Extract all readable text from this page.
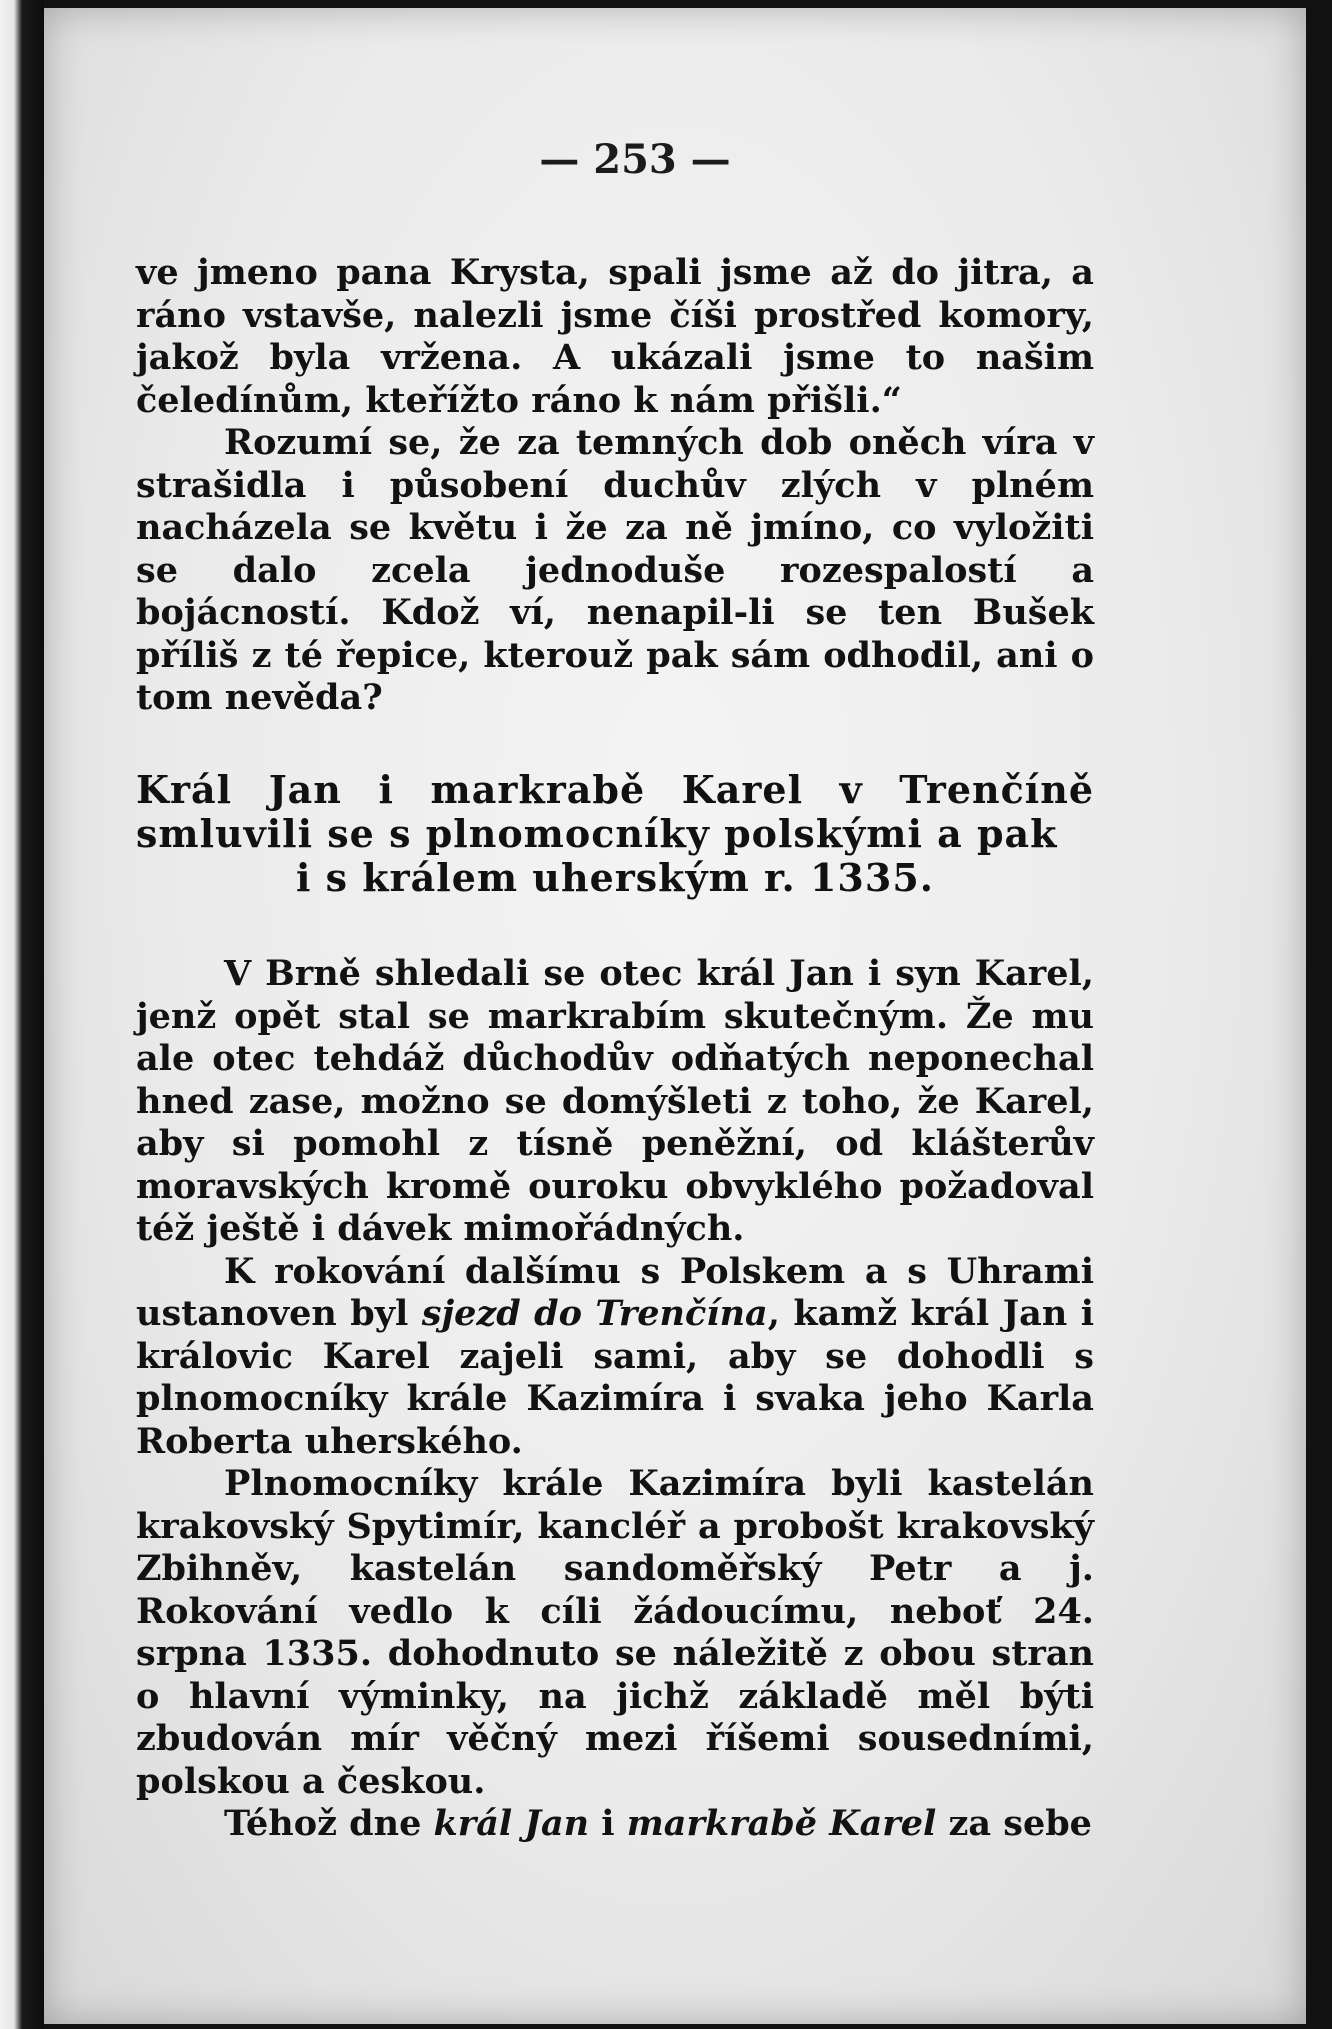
— 253 —

ve jmeno pana Krysta, spali jsme až do jitra, a ráno vstavše, nalezli jsme číši prostřed komory, jakož byla vržena. A ukázali jsme to našim čeledínům, kteřížto ráno k nám přišli.“

Rozumí se, že za temných dob oněch víra v strašidla i působení duchův zlých v plném nacházela se květu i že za ně jmíno, co vyložiti se dalo zcela jednoduše rozespalostí a bojácností. Kdož ví, nenapil-li se ten Bušek příliš z té řepice, kterouž pak sám odhodil, ani o tom nevěda?

Král Jan i markrabě Karel v Trenčíně smluvili se s plnomocníky polskými a pak
i s králem uherským r. 1335.

V Brně shledali se otec král Jan i syn Karel, jenž opět stal se markrabím skutečným. Že mu ale otec tehdáž důchodův odňatých neponechal hned zase, možno se domýšleti z toho, že Karel, aby si pomohl z tísně peněžní, od klášterův moravských kromě ouroku obvyklého požadoval též ještě i dávek mimořádných.

K rokování dalšímu s Polskem a s Uhrami ustanoven byl sjezd do Trenčína, kamž král Jan i královic Karel zajeli sami, aby se dohodli s plnomocníky krále Kazimíra i svaka jeho Karla Roberta uherského.

Plnomocníky krále Kazimíra byli kastelán krakovský Spytimír, kancléř a probošt krakovský Zbihněv, kastelán sandoměřský Petr a j. Rokování vedlo k cíli žádoucímu, neboť 24. srpna 1335. dohodnuto se náležitě z obou stran o hlavní výminky, na jichž základě měl býti zbudován mír věčný mezi říšemi sousedními, polskou a českou.

Téhož dne král Jan i markrabě Karel za sebe
